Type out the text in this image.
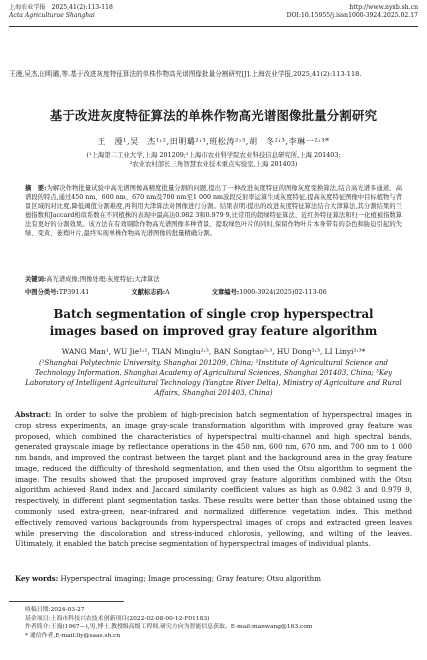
上海农业学报　2025,41(2):113-118
Acta Agriculturae Shanghai
http://www.nyxb.sh.cn
DOI:10.15955/j.issn1000-3924.2025.02.17
王漫,吴杰,田明璐,等.基于改进灰度特征算法的单株作物高光谱图像批量分割研究[J].上海农业学报,2025,41(2):113-118.
基于改进灰度特征算法的单株作物高光谱图像批量分割研究
王　漫¹,吴　杰¹˒²,田明璐²˒³,班松涛²˒³,胡　冬²˒³,李琳一²˒³*
(¹上海第二工业大学,上海 201209;²上海市农业科学院农业科技信息研究所,上海 201403;
³农业农村部长三角智慧农业技术重点实验室,上海 201403)
摘　要:为解决作物批量试验中高光谱图像高精度批量分割的问题,提出了一种改进灰度特征的图像灰度变换算法,结合高光谱多通道、高谱段的特点,通过450 nm、600 nm、670 nm及700 nm至1 000 nm波段反射率运算生成灰度特征,提高灰度特征图像中目标植物与背景区域的对比度,降低阈值分割难度,再利用大津算法对图像进行分割。结果表明:提出的改进灰度特征算法结合大津算法,其分割结果的兰德指数和Jaccard相似系数在不同植株的表现中最高达0.982 3和0.979 9,比常用的超绿特征算法、近红外特征算法和归一化植被指数算法有更好的分割效果。该方法在有效剔除作物高光谱图像多种背景、提取绿色叶片的同时,保留作物叶片本身带有的杂色和胁迫引起的失绿、变黄、萎蔫叶片,最终实现单株作物高光谱图像的批量精确分割。
关键词:高光谱成像;图像处理;灰度特征;大津算法
中图分类号:TP391.41	文献标志码:A	文章编号:1000-3924(2025)02-113-06
Batch segmentation of single crop hyperspectral images based on improved gray feature algorithm
WANG Man¹, WU Jie¹˒², TIAN Minglu²˒³, BAN Songtao²˒³, HU Dong²˒³, LI Linyi²˒³*
(¹Shanghai Polytechnic University, Shanghai 201209, China; ²Institute of Agricultural Science and Technology Information, Shanghai Academy of Agricultural Sciences, Shanghai 201403, China; ³Key Laboratory of Intelligent Agricultural Technology (Yangtze River Delta), Ministry of Agriculture and Rural Affairs, Shanghai 201403, China)
Abstract: In order to solve the problem of high-precision batch segmentation of hyperspectral images in crop stress experiments, an image gray-scale transformation algorithm with improved gray feature was proposed, which combined the characteristics of hyperspectral multi-channel and high spectral bands, generated grayscale image by reflectance operations in the 450 nm, 600 nm, 670 nm, and 700 nm to 1 000 nm bands, and improved the contrast between the target plant and the background area in the gray feature image, reduced the difficulty of threshold segmentation, and then used the Otsu algorithm to segment the image. The results showed that the proposed improved gray feature algorithm combined with the Otsu algorithm achieved Rand index and Jaccard similarity coefficient values as high as 0.982 3 and 0.979 9, respectively, in different plant segmentation tasks. These results were better than those obtained using the commonly used extra-green, near-infrared and normalized difference vegetation index. This method effectively removed various backgrounds from hyperspectral images of crops and extracted green leaves while preserving the discoloration and stress-induced chlorosis, yellowing, and wilting of the leaves. Ultimately, it enabled the batch precise segmentation of hyperspectral images of individual plants.
Key words: Hyperspectral imaging; Image processing; Gray feature; Otsu algorithm
收稿日期:2024-03-27
基金项目:上海市科技兴农技术创新项目(2022-02-08-00-12-F01183)
作者简介:王漫(1967—),男,博士,教授级高级工程师,研究方向为智能信息获取。E-mail:manwang@163.com
* 通信作者,E-mail:lly@saas.sh.cn
